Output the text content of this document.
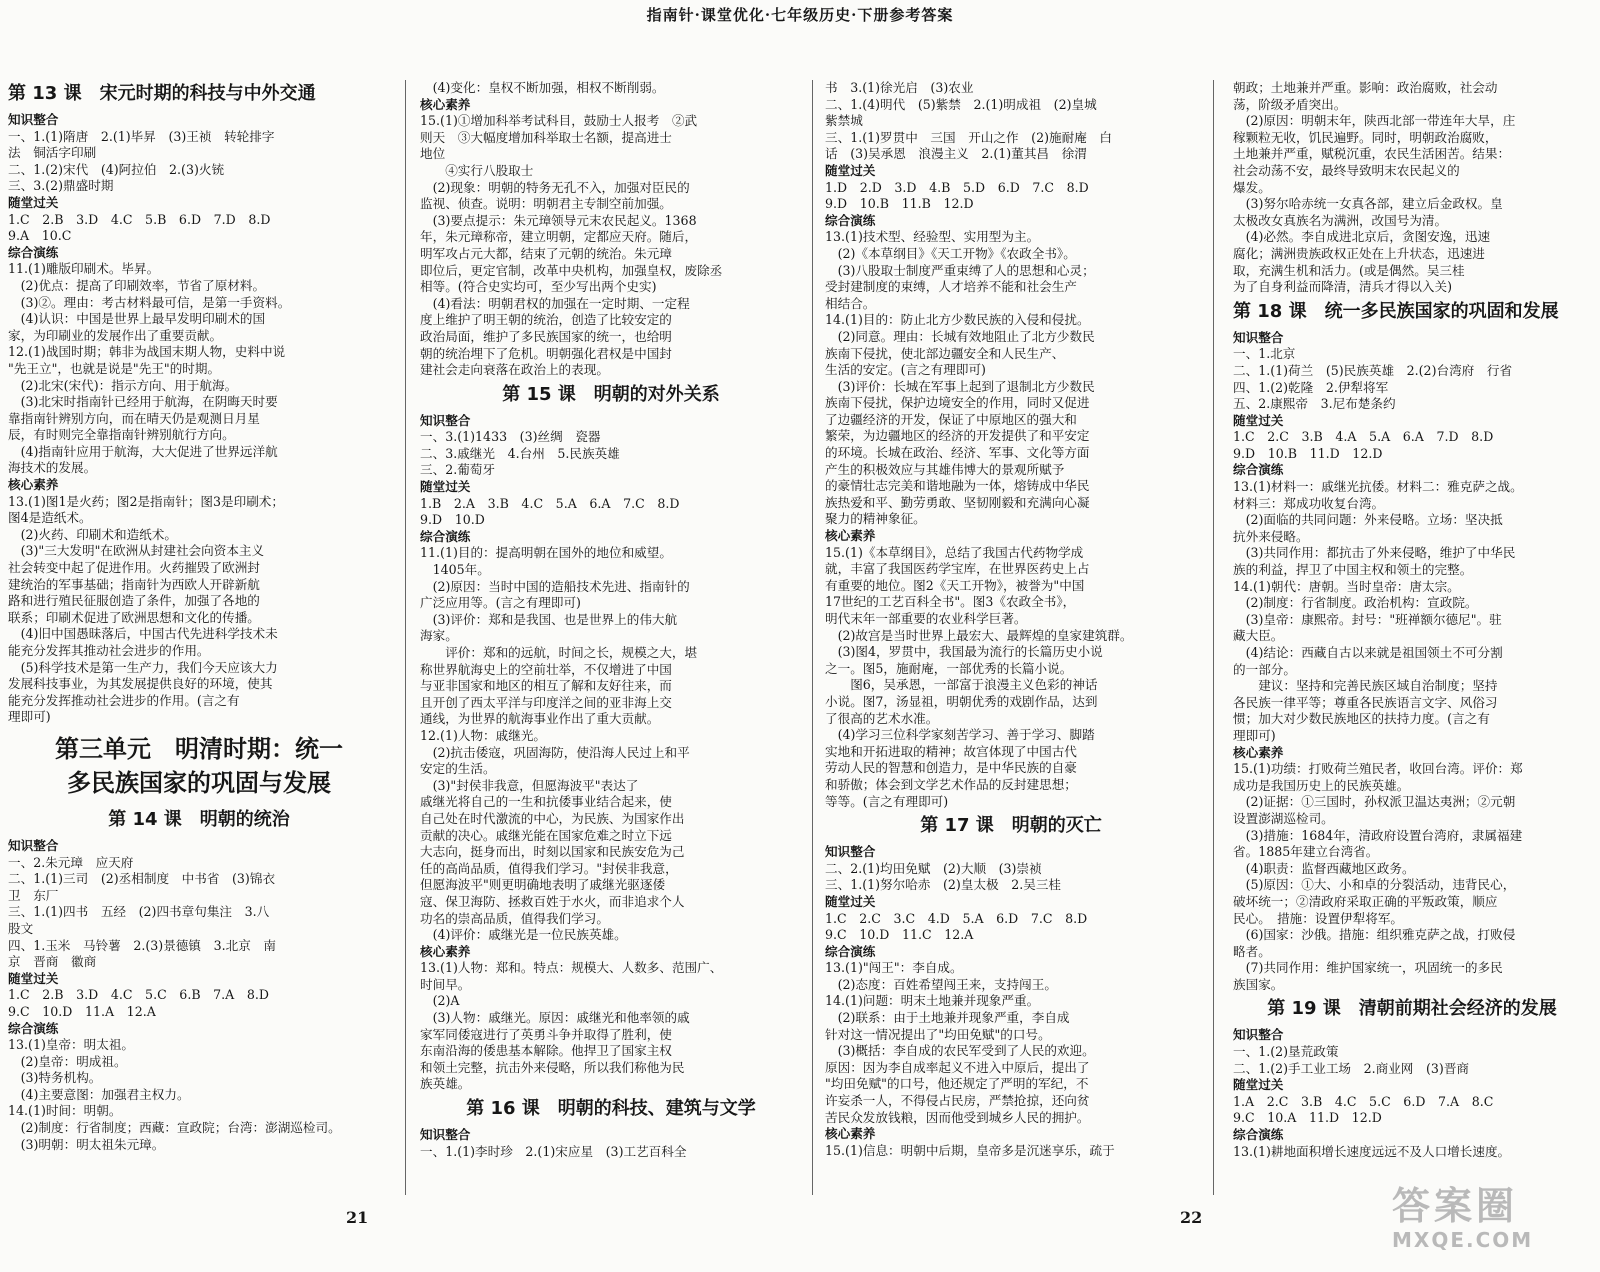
指南针·课堂优化·七年级历史·下册参考答案
第 13 课　宋元时期的科技与中外交通
知识整合
一、1.(1)隋唐　2.(1)毕昇　(3)王祯　转轮排字
法　铜活字印刷
二、1.(2)宋代　(4)阿拉伯　2.(3)火铳
三、3.(2)鼎盛时期
随堂过关
1.C　2.B　3.D　4.C　5.B　6.D　7.D　8.D
9.A　10.C
综合演练
11.(1)雕版印刷术。毕昇。
　(2)优点：提高了印刷效率，节省了原材料。
　(3)②。理由：考古材料最可信，是第一手资料。
　(4)认识：中国是世界上最早发明印刷术的国
家，为印刷业的发展作出了重要贡献。
12.(1)战国时期；韩非为战国末期人物，史料中说
"先王立"，也就是说是"先王"的时期。
　(2)北宋(宋代)：指示方向、用于航海。
　(3)北宋时指南针已经用于航海，在阴晦天时要
靠指南针辨别方向，而在晴天仍是观测日月星
辰，有时则完全靠指南针辨别航行方向。
　(4)指南针应用于航海，大大促进了世界远洋航
海技术的发展。
核心素养
13.(1)图1是火药；图2是指南针；图3是印刷术；
图4是造纸术。
　(2)火药、印刷术和造纸术。
　(3)"三大发明"在欧洲从封建社会向资本主义
社会转变中起了促进作用。火药摧毁了欧洲封
建统治的军事基础；指南针为西欧人开辟新航
路和进行殖民征服创造了条件，加强了各地的
联系；印刷术促进了欧洲思想和文化的传播。
　(4)旧中国愚昧落后，中国古代先进科学技术未
能充分发挥其推动社会进步的作用。
　(5)科学技术是第一生产力，我们今天应该大力
发展科技事业，为其发展提供良好的环境，使其
能充分发挥推动社会进步的作用。(言之有
理即可)
第三单元　明清时期：统一
多民族国家的巩固与发展
第 14 课　明朝的统治
知识整合
一、2.朱元璋　应天府
二、1.(1)三司　(2)丞相制度　中书省　(3)锦衣
卫　东厂
三、1.(1)四书　五经　(2)四书章句集注　3.八
股文
四、1.玉米　马铃薯　2.(3)景德镇　3.北京　南
京　晋商　徽商
随堂过关
1.C　2.B　3.D　4.C　5.C　6.B　7.A　8.D
9.C　10.D　11.A　12.A
综合演练
13.(1)皇帝：明太祖。
　(2)皇帝：明成祖。
　(3)特务机构。
　(4)主要意图：加强君主权力。
14.(1)时间：明朝。
　(2)制度：行省制度；西藏：宣政院；台湾：澎湖巡检司。
　(3)明朝：明太祖朱元璋。
　(4)变化：皇权不断加强，相权不断削弱。
核心素养
15.(1)①增加科举考试科目，鼓励士人报考　②武
则天　③大幅度增加科举取士名额，提高进士
地位
　　④实行八股取士
　(2)现象：明朝的特务无孔不入，加强对臣民的
监视、侦查。说明：明朝君主专制空前加强。
　(3)要点提示：朱元璋领导元末农民起义。1368
年，朱元璋称帝，建立明朝，定都应天府。随后，
明军攻占元大都，结束了元朝的统治。朱元璋
即位后，更定官制，改革中央机构，加强皇权，废除丞
相等。(符合史实均可，至少写出两个史实)
　(4)看法：明朝君权的加强在一定时期、一定程
度上维护了明王朝的统治，创造了比较安定的
政治局面，维护了多民族国家的统一，也给明
朝的统治埋下了危机。明朝强化君权是中国封
建社会走向衰落在政治上的表现。
第 15 课　明朝的对外关系
知识整合
一、3.(1)1433　(3)丝绸　瓷器
二、3.戚继光　4.台州　5.民族英雄
三、2.葡萄牙
随堂过关
1.B　2.A　3.B　4.C　5.A　6.A　7.C　8.D
9.D　10.D
综合演练
11.(1)目的：提高明朝在国外的地位和威望。
　1405年。
　(2)原因：当时中国的造船技术先进、指南针的
广泛应用等。(言之有理即可)
　(3)评价：郑和是我国、也是世界上的伟大航
海家。
　　评价：郑和的远航，时间之长，规模之大，堪
称世界航海史上的空前壮举，不仅增进了中国
与亚非国家和地区的相互了解和友好往来，而
且开创了西太平洋与印度洋之间的亚非海上交
通线，为世界的航海事业作出了重大贡献。
12.(1)人物：戚继光。
　(2)抗击倭寇，巩固海防，使沿海人民过上和平
安定的生活。
　(3)"封侯非我意，但愿海波平"表达了
戚继光将自己的一生和抗倭事业结合起来，使
自己处在时代激流的中心，为民族、为国家作出
贡献的决心。戚继光能在国家危难之时立下远
大志向，挺身而出，时刻以国家和民族安危为己
任的高尚品质，值得我们学习。"封侯非我意，
但愿海波平"则更明确地表明了戚继光驱逐倭
寇、保卫海防、拯救百姓于水火，而非追求个人
功名的崇高品质，值得我们学习。
　(4)评价：戚继光是一位民族英雄。
核心素养
13.(1)人物：郑和。特点：规模大、人数多、范围广、
时间早。
　(2)A
　(3)人物：戚继光。原因：戚继光和他率领的戚
家军同倭寇进行了英勇斗争并取得了胜利，使
东南沿海的倭患基本解除。他捍卫了国家主权
和领土完整，抗击外来侵略，所以我们称他为民
族英雄。
第 16 课　明朝的科技、建筑与文学
知识整合
一、1.(1)李时珍　2.(1)宋应星　(3)工艺百科全
书　3.(1)徐光启　(3)农业
二、1.(4)明代　(5)紫禁　2.(1)明成祖　(2)皇城
紫禁城
三、1.(1)罗贯中　三国　开山之作　(2)施耐庵　白
话　(3)吴承恩　浪漫主义　2.(1)董其昌　徐渭
随堂过关
1.D　2.D　3.D　4.B　5.D　6.D　7.C　8.D
9.D　10.B　11.B　12.D
综合演练
13.(1)技术型、经验型、实用型为主。
　(2)《本草纲目》《天工开物》《农政全书》。
　(3)八股取士制度严重束缚了人的思想和心灵；
受封建制度的束缚，人才培养不能和社会生产
相结合。
14.(1)目的：防止北方少数民族的入侵和侵扰。
　(2)同意。理由：长城有效地阻止了北方少数民
族南下侵扰，使北部边疆安全和人民生产、
生活的安定。(言之有理即可)
　(3)评价：长城在军事上起到了退制北方少数民
族南下侵扰，保护边境安全的作用，同时又促进
了边疆经济的开发，保证了中原地区的强大和
繁荣，为边疆地区的经济的开发提供了和平安定
的环境。长城在政治、经济、军事、文化等方面
产生的积极效应与其雄伟博大的景观所赋予
的豪情壮志完美和谐地融为一体，熔铸成中华民
族热爱和平、勤劳勇敢、坚韧刚毅和充满向心凝
聚力的精神象征。
核心素养
15.(1)《本草纲目》，总结了我国古代药物学成
就，丰富了我国医药学宝库，在世界医药史上占
有重要的地位。图2《天工开物》，被誉为"中国
17世纪的工艺百科全书"。图3《农政全书》，
明代末年一部重要的农业科学巨著。
　(2)故宫是当时世界上最宏大、最辉煌的皇家建筑群。
　(3)图4，罗贯中，我国最为流行的长篇历史小说
之一。图5，施耐庵，一部优秀的长篇小说。
　　图6，吴承恩，一部富于浪漫主义色彩的神话
小说。图7，汤显祖，明朝优秀的戏剧作品，达到
了很高的艺术水准。
　(4)学习三位科学家刻苦学习、善于学习、脚踏
实地和开拓进取的精神；故宫体现了中国古代
劳动人民的智慧和创造力，是中华民族的自豪
和骄傲；体会到文学艺术作品的反封建思想；
等等。(言之有理即可)
第 17 课　明朝的灭亡
知识整合
二、2.(1)均田免赋　(2)大顺　(3)崇祯
三、1.(1)努尔哈赤　(2)皇太极　2.吴三桂
随堂过关
1.C　2.C　3.C　4.D　5.A　6.D　7.C　8.D
9.C　10.D　11.C　12.A
综合演练
13.(1)"闯王"：李自成。
　(2)态度：百姓希望闯王来，支持闯王。
14.(1)问题：明末土地兼并现象严重。
　(2)联系：由于土地兼并现象严重，李自成
针对这一情况提出了"均田免赋"的口号。
　(3)概括：李自成的农民军受到了人民的欢迎。
原因：因为李自成率起义不进入中原后，提出了
"均田免赋"的口号，他还规定了严明的军纪，不
许妄杀一人，不得侵占民房，严禁抢掠，还向贫
苦民众发放钱粮，因而他受到城乡人民的拥护。
核心素养
15.(1)信息：明朝中后期，皇帝多是沉迷享乐，疏于
朝政；土地兼并严重。影响：政治腐败，社会动
荡，阶级矛盾突出。
　(2)原因：明朝末年，陕西北部一带连年大旱，庄
稼颗粒无收，饥民遍野。同时，明朝政治腐败，
土地兼并严重，赋税沉重，农民生活困苦。结果：
社会动荡不安，最终导致明末农民起义的
爆发。
　(3)努尔哈赤统一女真各部，建立后金政权。皇
太极改女真族名为满洲，改国号为清。
　(4)必然。李自成进北京后，贪图安逸，迅速
腐化；满洲贵族政权正处在上升状态，迅速进
取，充满生机和活力。(或是偶然。吴三桂
为了自身利益而降清，清兵才得以入关)
第 18 课　统一多民族国家的巩固和发展
知识整合
一、1.北京
二、1.(1)荷兰　(5)民族英雄　2.(2)台湾府　行省
四、1.(2)乾隆　2.伊犁将军
五、2.康熙帝　3.尼布楚条约
随堂过关
1.C　2.C　3.B　4.A　5.A　6.A　7.D　8.D
9.D　10.B　11.D　12.D
综合演练
13.(1)材料一：戚继光抗倭。材料二：雅克萨之战。
材料三：郑成功收复台湾。
　(2)面临的共同问题：外来侵略。立场：坚决抵
抗外来侵略。
　(3)共同作用：都抗击了外来侵略，维护了中华民
族的利益，捍卫了中国主权和领土的完整。
14.(1)朝代：唐朝。当时皇帝：唐太宗。
　(2)制度：行省制度。政治机构：宣政院。
　(3)皇帝：康熙帝。封号："班禅额尔德尼"。驻
藏大臣。
　(4)结论：西藏自古以来就是祖国领土不可分割
的一部分。
　　建议：坚持和完善民族区域自治制度；坚持
各民族一律平等；尊重各民族语言文字、风俗习
惯；加大对少数民族地区的扶持力度。(言之有
理即可)
核心素养
15.(1)功绩：打败荷兰殖民者，收回台湾。评价：郑
成功是我国历史上的民族英雄。
　(2)证据：①三国时，孙权派卫温达夷洲；②元朝
设置澎湖巡检司。
　(3)措施：1684年，清政府设置台湾府，隶属福建
省。1885年建立台湾省。
　(4)职责：监督西藏地区政务。
　(5)原因：①大、小和卓的分裂活动，违背民心，
破坏统一；②清政府采取正确的平叛政策，顺应
民心。　措施：设置伊犁将军。
　(6)国家：沙俄。措施：组织雅克萨之战，打败侵
略者。
　(7)共同作用：维护国家统一，巩固统一的多民
族国家。
第 19 课　清朝前期社会经济的发展
知识整合
一、1.(2)垦荒政策
二、1.(2)手工业工场　2.商业网　(3)晋商
随堂过关
1.A　2.C　3.B　4.C　5.C　6.D　7.A　8.C
9.C　10.A　11.D　12.D
综合演练
13.(1)耕地面积增长速度远远不及人口增长速度。
21	22	答案圈
MXQE.COM
